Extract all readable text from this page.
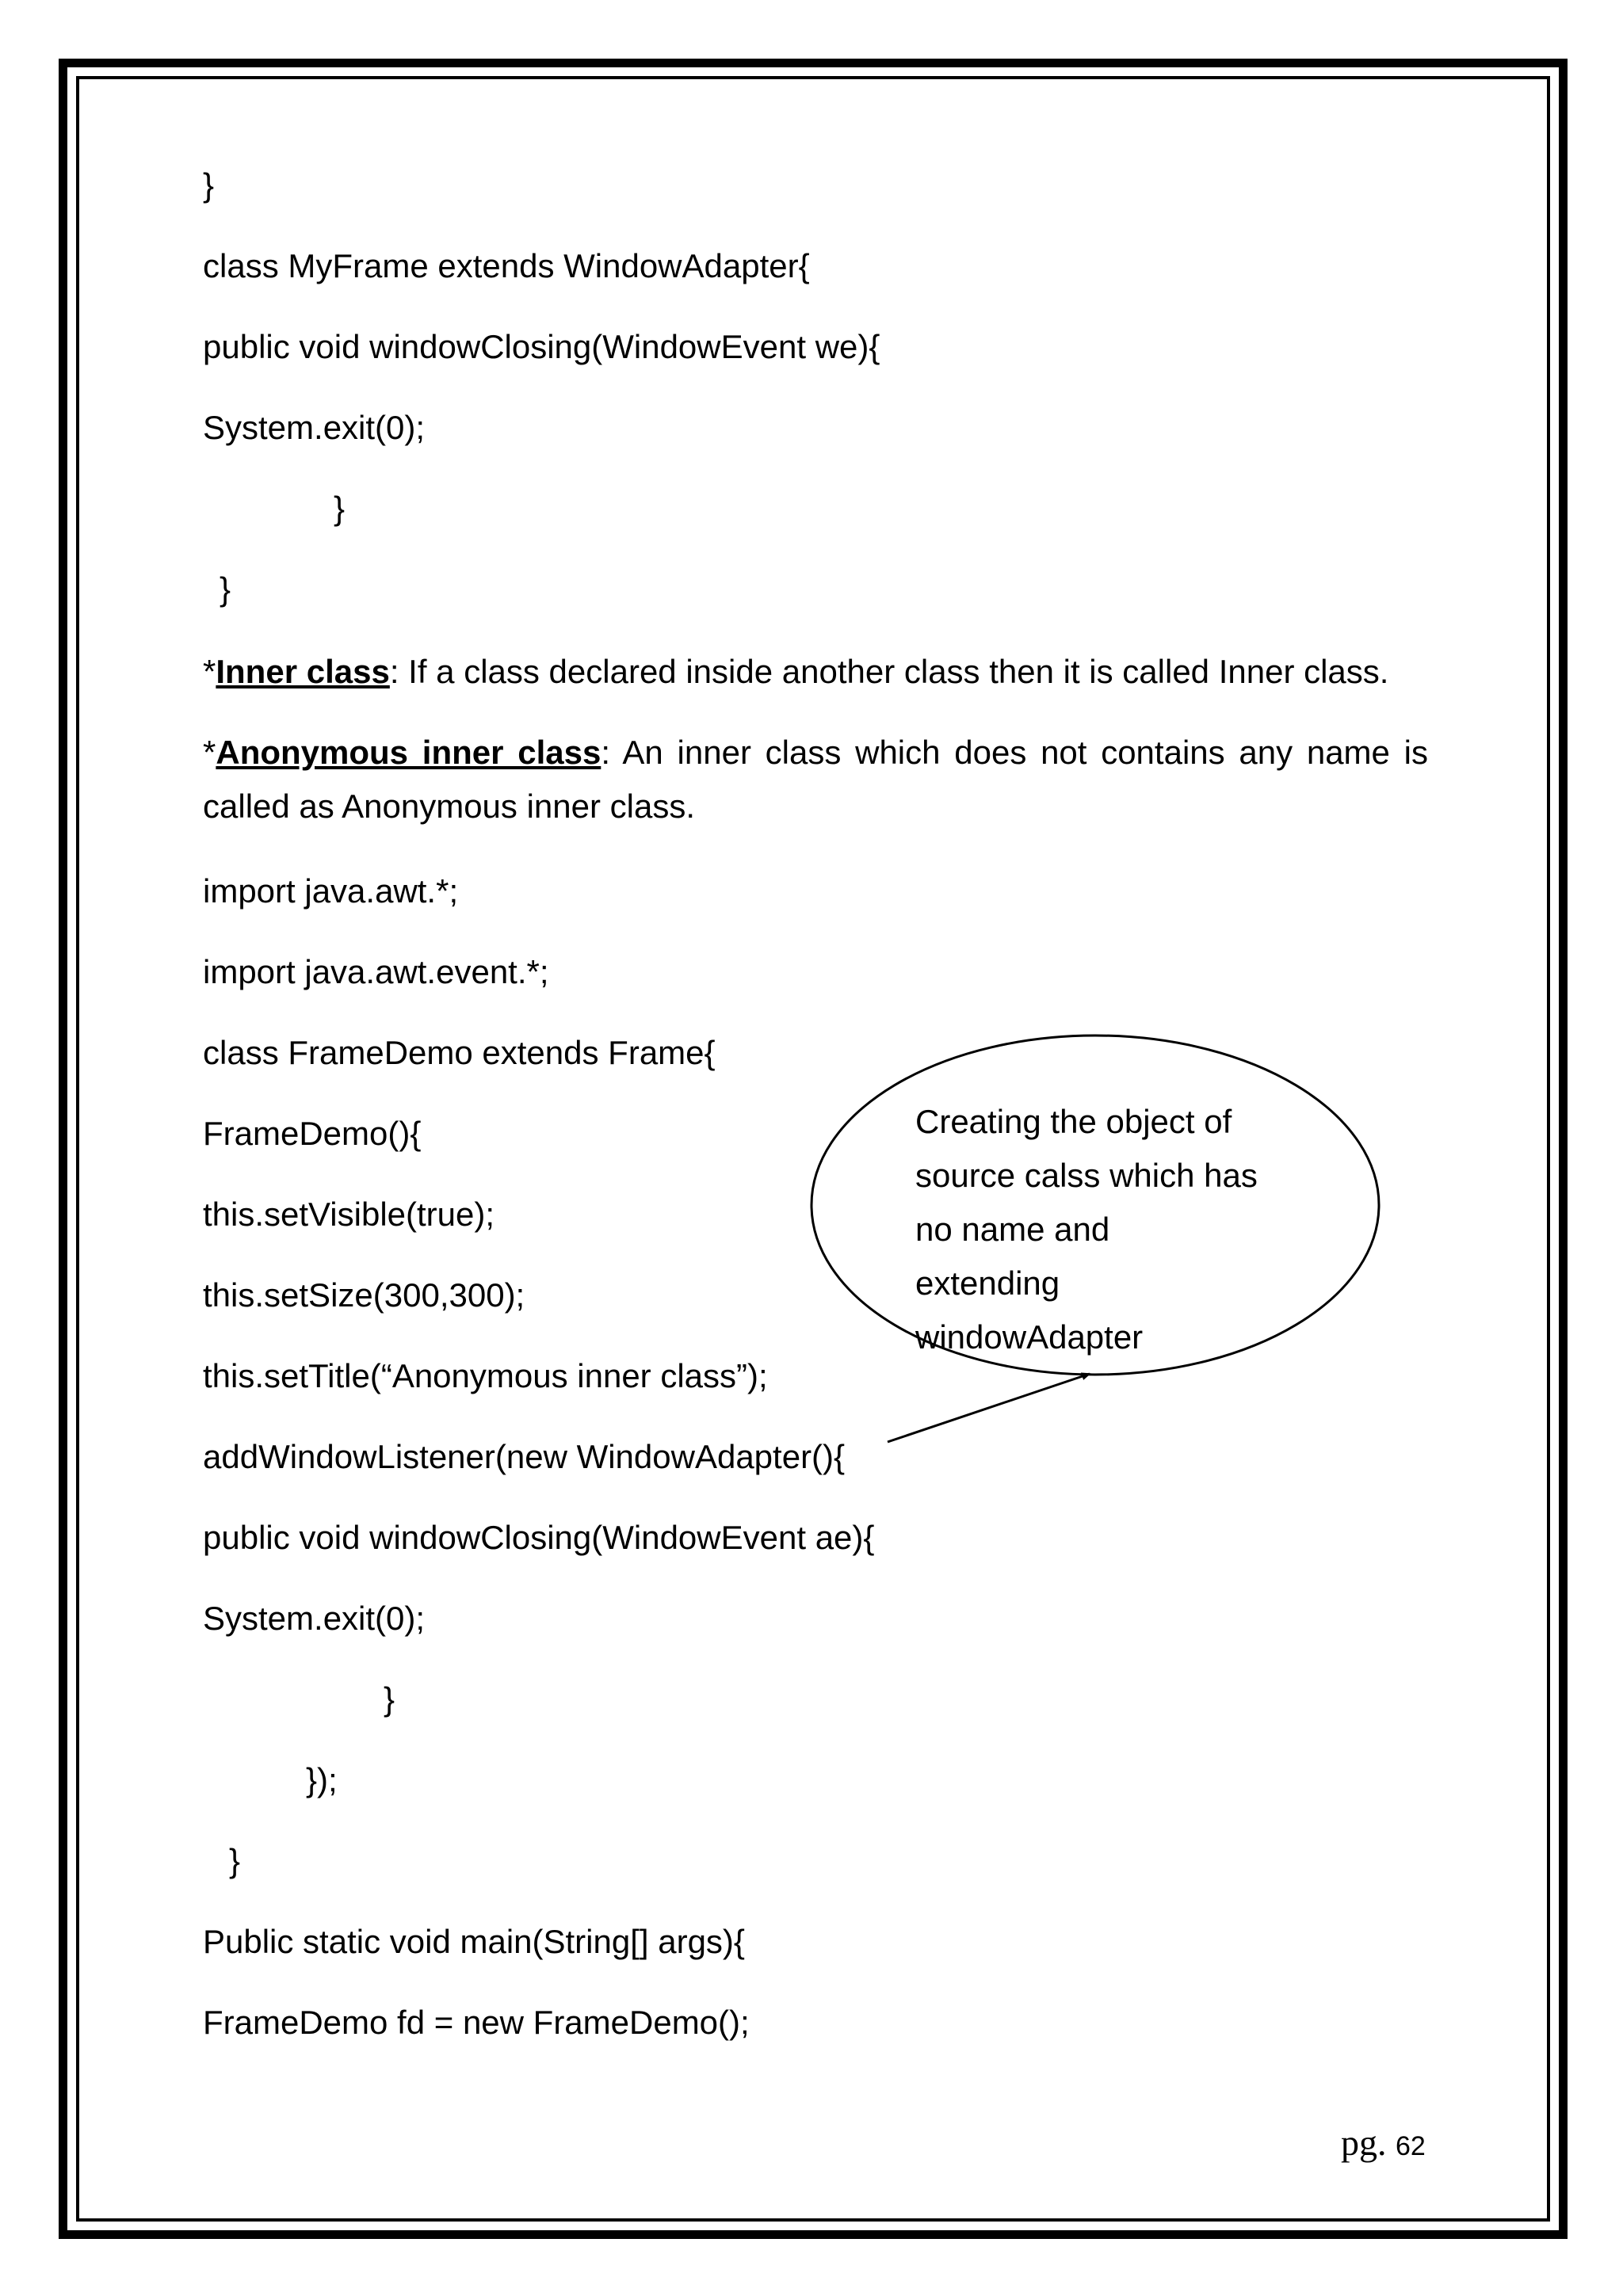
}
class MyFrame extends WindowAdapter{
public void windowClosing(WindowEvent we){
System.exit(0);
}
}
*Inner class: If a class declared inside another class then it is called Inner class.
*Anonymous inner class: An inner class which does not contains any name is called as Anonymous inner class.
import java.awt.*;
import java.awt.event.*;
class FrameDemo extends Frame{
FrameDemo(){
this.setVisible(true);
this.setSize(300,300);
this.setTitle(“Anonymous inner class”);
addWindowListener(new WindowAdapter(){
public void windowClosing(WindowEvent ae){
System.exit(0);
}
});
}
Public static void main(String[] args){
FrameDemo fd = new FrameDemo();
Creating the object of
source calss which has
no name and
extending
windowAdapter
pg. 62
